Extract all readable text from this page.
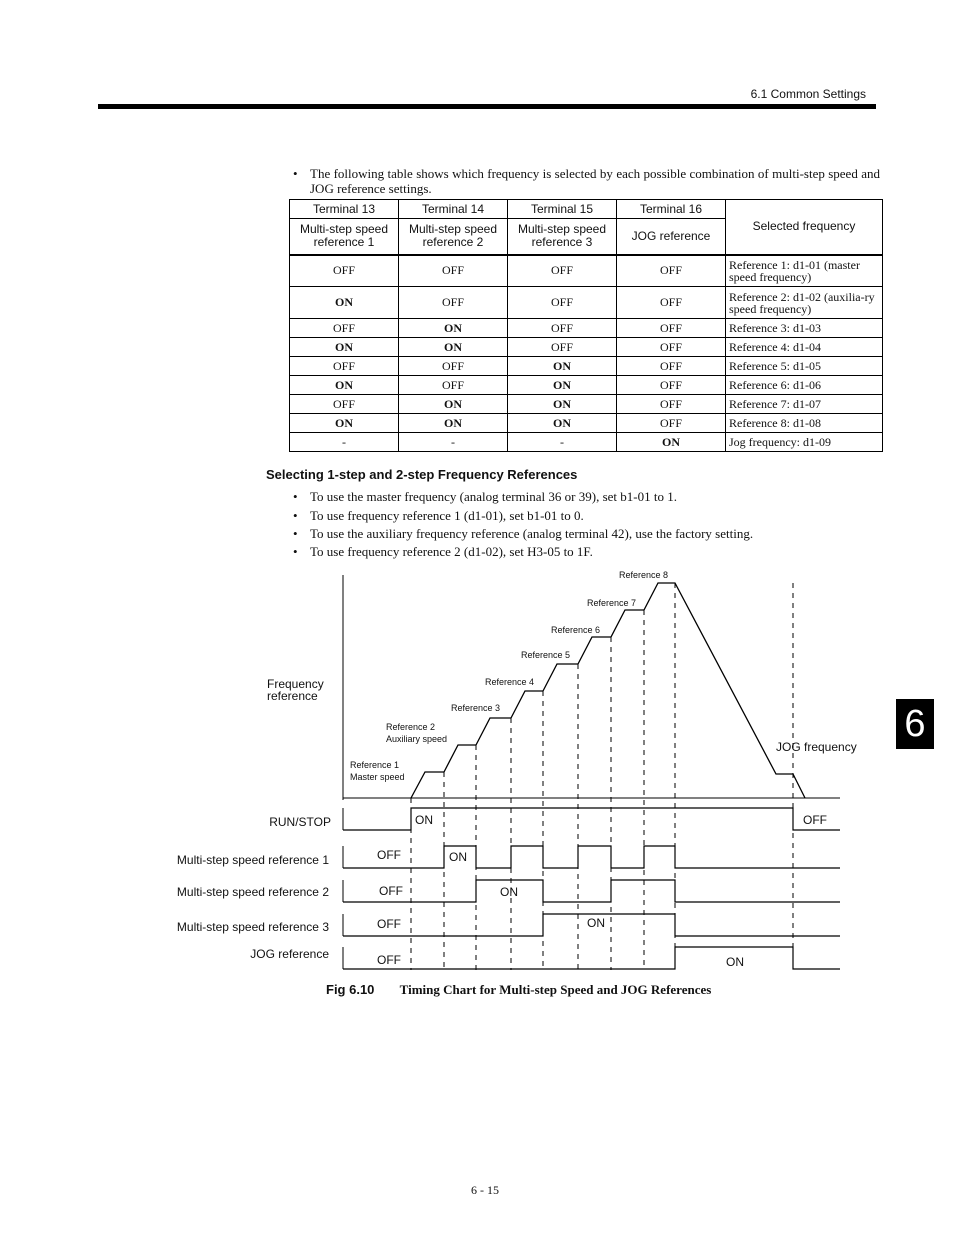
6.1 Common Settings
6
• The following table shows which frequency is selected by each possible combination of multi-step speed and JOG reference settings.
Terminal 13	Terminal 14	Terminal 15	Terminal 16	Selected frequency
Multi-step speed reference 1	Multi-step speed reference 2	Multi-step speed reference 3	JOG reference	
OFF	OFF	OFF	OFF	Reference 1: d1-01 (master speed frequency)
ON	OFF	OFF	OFF	Reference 2: d1-02 (auxilia-ry speed frequency)
OFF	ON	OFF	OFF	Reference 3: d1-03
ON	ON	OFF	OFF	Reference 4: d1-04
OFF	OFF	ON	OFF	Reference 5: d1-05
ON	OFF	ON	OFF	Reference 6: d1-06
OFF	ON	ON	OFF	Reference 7: d1-07
ON	ON	ON	OFF	Reference 8: d1-08
-	-	-	ON	Jog frequency: d1-09
Selecting 1-step and 2-step Frequency References
• To use the master frequency (analog terminal 36 or 39), set b1-01 to 1.
• To use frequency reference 1 (d1-01), set b1-01 to 0.
• To use the auxiliary frequency reference (analog terminal 42), use the factory setting.
• To use frequency reference 2 (d1-02), set H3-05 to 1F.
Frequency
reference
Reference 1
Master speed
Reference 2
Auxiliary speed
Reference 3
Reference 4
Reference 5
Reference 6
Reference 7
Reference 8
JOG frequency
RUN/STOP
Multi-step speed reference 1
Multi-step speed reference 2
Multi-step speed reference 3
JOG reference
ON	OFF
OFF	ON
OFF	ON
OFF	ON
OFF	ON
Fig 6.10 Timing Chart for Multi-step Speed and JOG References
6 - 15
